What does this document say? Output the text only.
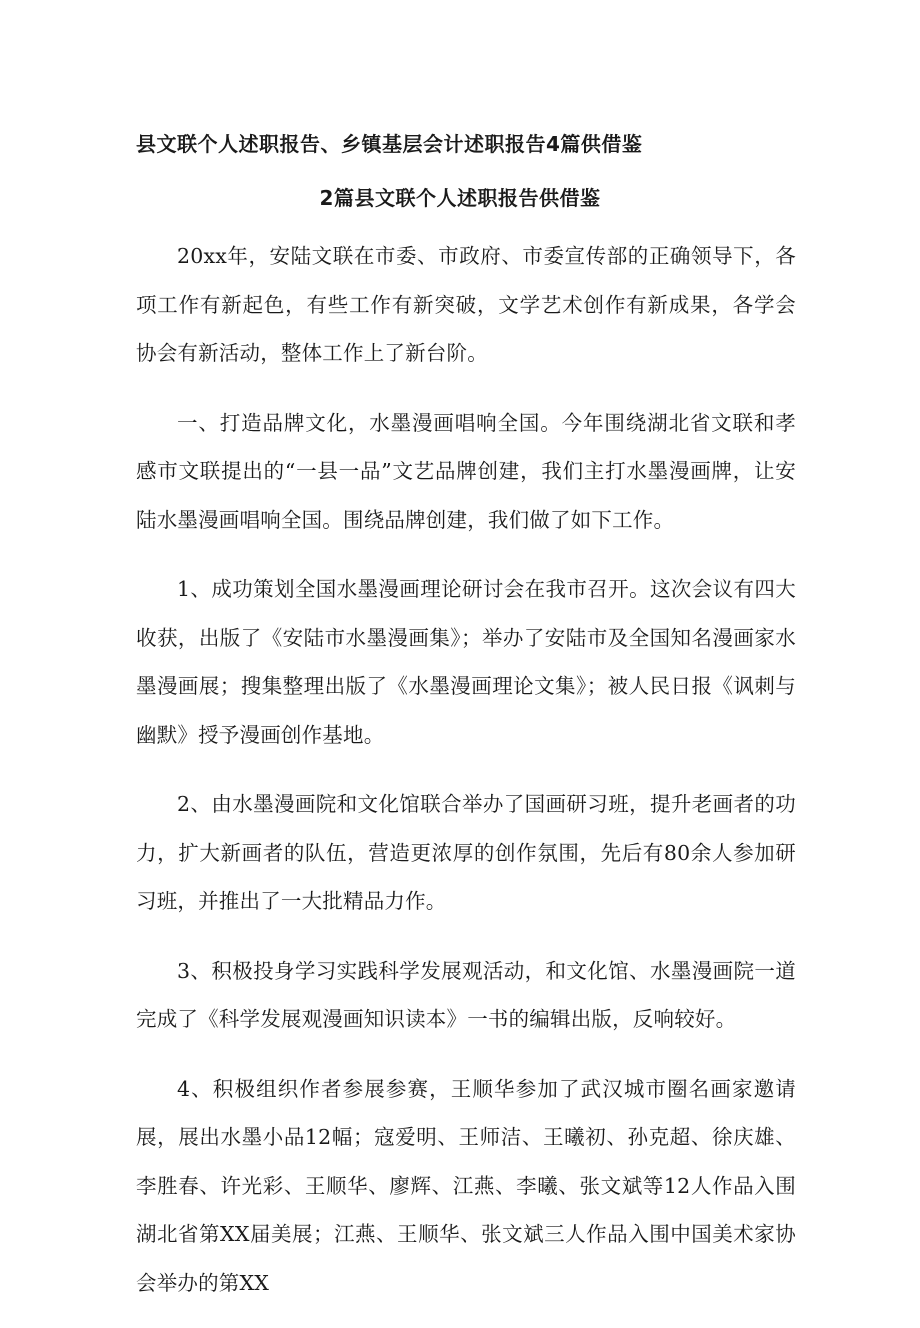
县文联个人述职报告、乡镇基层会计述职报告4篇供借鉴
2篇县文联个人述职报告供借鉴

20xx年，安陆文联在市委、市政府、市委宣传部的正确领导下，各项工作有新起色，有些工作有新突破，文学艺术创作有新成果，各学会协会有新活动，整体工作上了新台阶。

一、打造品牌文化，水墨漫画唱响全国。今年围绕湖北省文联和孝感市文联提出的“一县一品”文艺品牌创建，我们主打水墨漫画牌，让安陆水墨漫画唱响全国。围绕品牌创建，我们做了如下工作。

1、成功策划全国水墨漫画理论研讨会在我市召开。这次会议有四大收获，出版了《安陆市水墨漫画集》；举办了安陆市及全国知名漫画家水墨漫画展；搜集整理出版了《水墨漫画理论文集》；被人民日报《讽刺与幽默》授予漫画创作基地。

2、由水墨漫画院和文化馆联合举办了国画研习班，提升老画者的功力，扩大新画者的队伍，营造更浓厚的创作氛围，先后有80余人参加研习班，并推出了一大批精品力作。

3、积极投身学习实践科学发展观活动，和文化馆、水墨漫画院一道完成了《科学发展观漫画知识读本》一书的编辑出版，反响较好。

4、积极组织作者参展参赛，王顺华参加了武汉城市圈名画家邀请展，展出水墨小品12幅；寇爱明、王师洁、王曦初、孙克超、徐庆雄、李胜春、许光彩、王顺华、廖辉、江燕、李曦、张文斌等12人作品入围湖北省第XX届美展；江燕、王顺华、张文斌三人作品入围中国美术家协会举办的第XX
